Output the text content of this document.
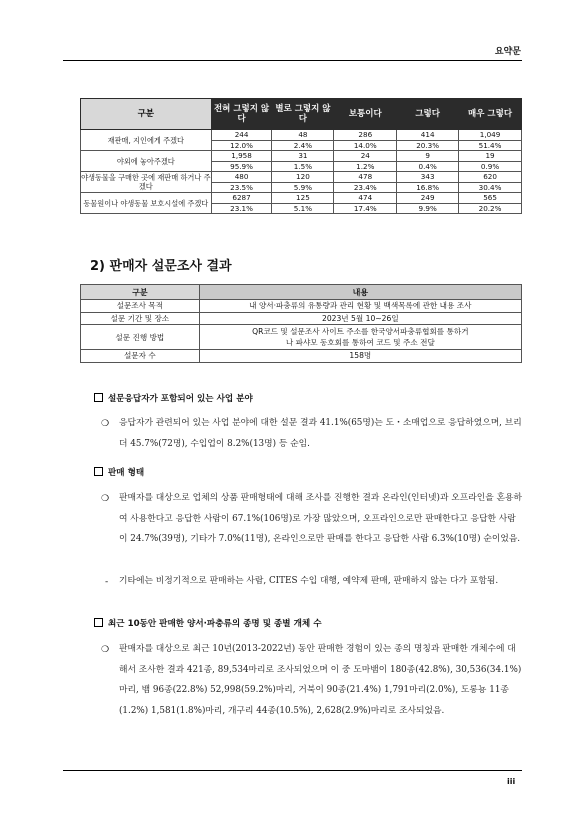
요약문
구분	전혀 그렇지 않다	별로 그렇지 않다	보통이다	그렇다	매우 그렇다
재판매, 지인에게 주겠다	244	48	286	414	1,049
	12.0%	2.4%	14.0%	20.3%	51.4%
야외에 놓아주겠다	1,958	31	24	9	19
	95.9%	1.5%	1.2%	0.4%	0.9%
야생동물을 구매한 곳에 재판매 하거나 주겠다	480	120	478	343	620
	23.5%	5.9%	23.4%	16.8%	30.4%
동물원이나 야생동물 보호시설에 주겠다	6287	125	474	249	565
	23.1%	5.1%	17.4%	9.9%	20.2%
2) 판매자 설문조사 결과
구분	내용
설문조사 목적	내 양서·파충류의 유통량과 관리 현황 및 백색목록에 관한 내용 조사
설문 기간 및 장소	2023년 5월 10~26일
설문 진행 방법	QR코드 및 설문조사 사이트 주소를 한국양서파충류협회를 통하거나 파샤모 동호회를 통하여 코드 및 주소 전달
설문자 수	158명
설문응답자가 포함되어 있는 사업 분야
❍ 응답자가 관련되어 있는 사업 분야에 대한 설문 결과 41.1%(65명)는 도・소매업으로 응답하였으며, 브리더 45.7%(72명), 수입업이 8.2%(13명) 등 순임.
판매 형태
❍ 판매자를 대상으로 업체의 상품 판매형태에 대해 조사를 진행한 결과 온라인(인터넷)과 오프라인을 혼용하여 사용한다고 응답한 사람이 67.1%(106명)로 가장 많았으며, 오프라인으로만 판매한다고 응답한 사람이 24.7%(39명), 기타가 7.0%(11명), 온라인으로만 판매를 한다고 응답한 사람 6.3%(10명) 순이었음.
- 기타에는 비정기적으로 판매하는 사람, CITES 수입 대행, 예약제 판매, 판매하지 않는 다가 포함됨.
최근 10동안 판매한 양서·파충류의 종명 및 종별 개체 수
❍ 판매자를 대상으로 최근 10년(2013-2022년) 동안 판매한 경험이 있는 종의 명칭과 판매한 개체수에 대해서 조사한 결과 421종, 89,534마리로 조사되었으며 이 중 도마뱀이 180종(42.8%), 30,536(34.1%)마리, 뱀 96종(22.8%) 52,998(59.2%)마리, 거북이 90종(21.4%) 1,791마리(2.0%), 도롱뇽 11종(1.2%) 1,581(1.8%)마리, 개구리 44종(10.5%), 2,628(2.9%)마리로 조사되었음.
iii
